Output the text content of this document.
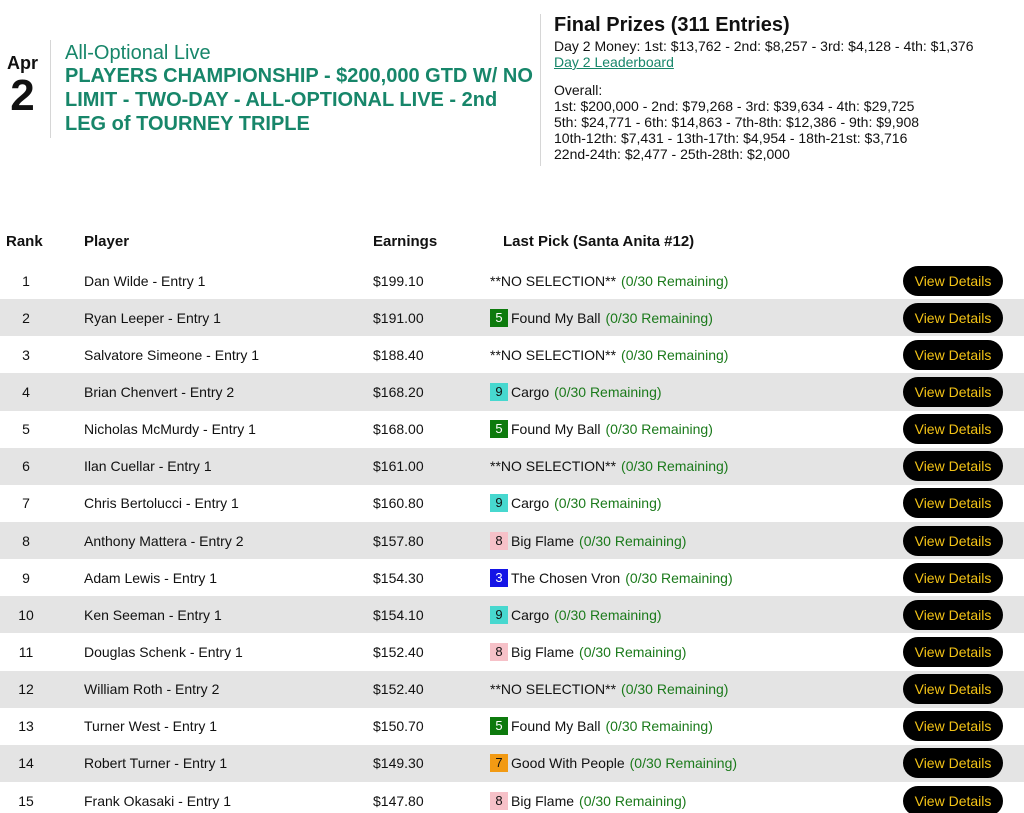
Apr
2
All-Optional Live
PLAYERS CHAMPIONSHIP - $200,000 GTD W/ NO LIMIT - TWO-DAY - ALL-OPTIONAL LIVE - 2nd LEG of TOURNEY TRIPLE
Final Prizes (311 Entries)
Day 2 Money: 1st: $13,762 - 2nd: $8,257 - 3rd: $4,128 - 4th: $1,376
Day 2 Leaderboard
Overall:
1st: $200,000 - 2nd: $79,268 - 3rd: $39,634 - 4th: $29,725
5th: $24,771 - 6th: $14,863 - 7th-8th: $12,386 - 9th: $9,908
10th-12th: $7,431 - 13th-17th: $4,954 - 18th-21st: $3,716
22nd-24th: $2,477 - 25th-28th: $2,000
Rank	Player	Earnings	Last Pick (Santa Anita #12)
1	Dan Wilde - Entry 1	$199.10	**NO SELECTION** (0/30 Remaining)	View Details
2	Ryan Leeper - Entry 1	$191.00	5 Found My Ball (0/30 Remaining)	View Details
3	Salvatore Simeone - Entry 1	$188.40	**NO SELECTION** (0/30 Remaining)	View Details
4	Brian Chenvert - Entry 2	$168.20	9 Cargo (0/30 Remaining)	View Details
5	Nicholas McMurdy - Entry 1	$168.00	5 Found My Ball (0/30 Remaining)	View Details
6	Ilan Cuellar - Entry 1	$161.00	**NO SELECTION** (0/30 Remaining)	View Details
7	Chris Bertolucci - Entry 1	$160.80	9 Cargo (0/30 Remaining)	View Details
8	Anthony Mattera - Entry 2	$157.80	8 Big Flame (0/30 Remaining)	View Details
9	Adam Lewis - Entry 1	$154.30	3 The Chosen Vron (0/30 Remaining)	View Details
10	Ken Seeman - Entry 1	$154.10	9 Cargo (0/30 Remaining)	View Details
11	Douglas Schenk - Entry 1	$152.40	8 Big Flame (0/30 Remaining)	View Details
12	William Roth - Entry 2	$152.40	**NO SELECTION** (0/30 Remaining)	View Details
13	Turner West - Entry 1	$150.70	5 Found My Ball (0/30 Remaining)	View Details
14	Robert Turner - Entry 1	$149.30	7 Good With People (0/30 Remaining)	View Details
15	Frank Okasaki - Entry 1	$147.80	8 Big Flame (0/30 Remaining)	View Details
